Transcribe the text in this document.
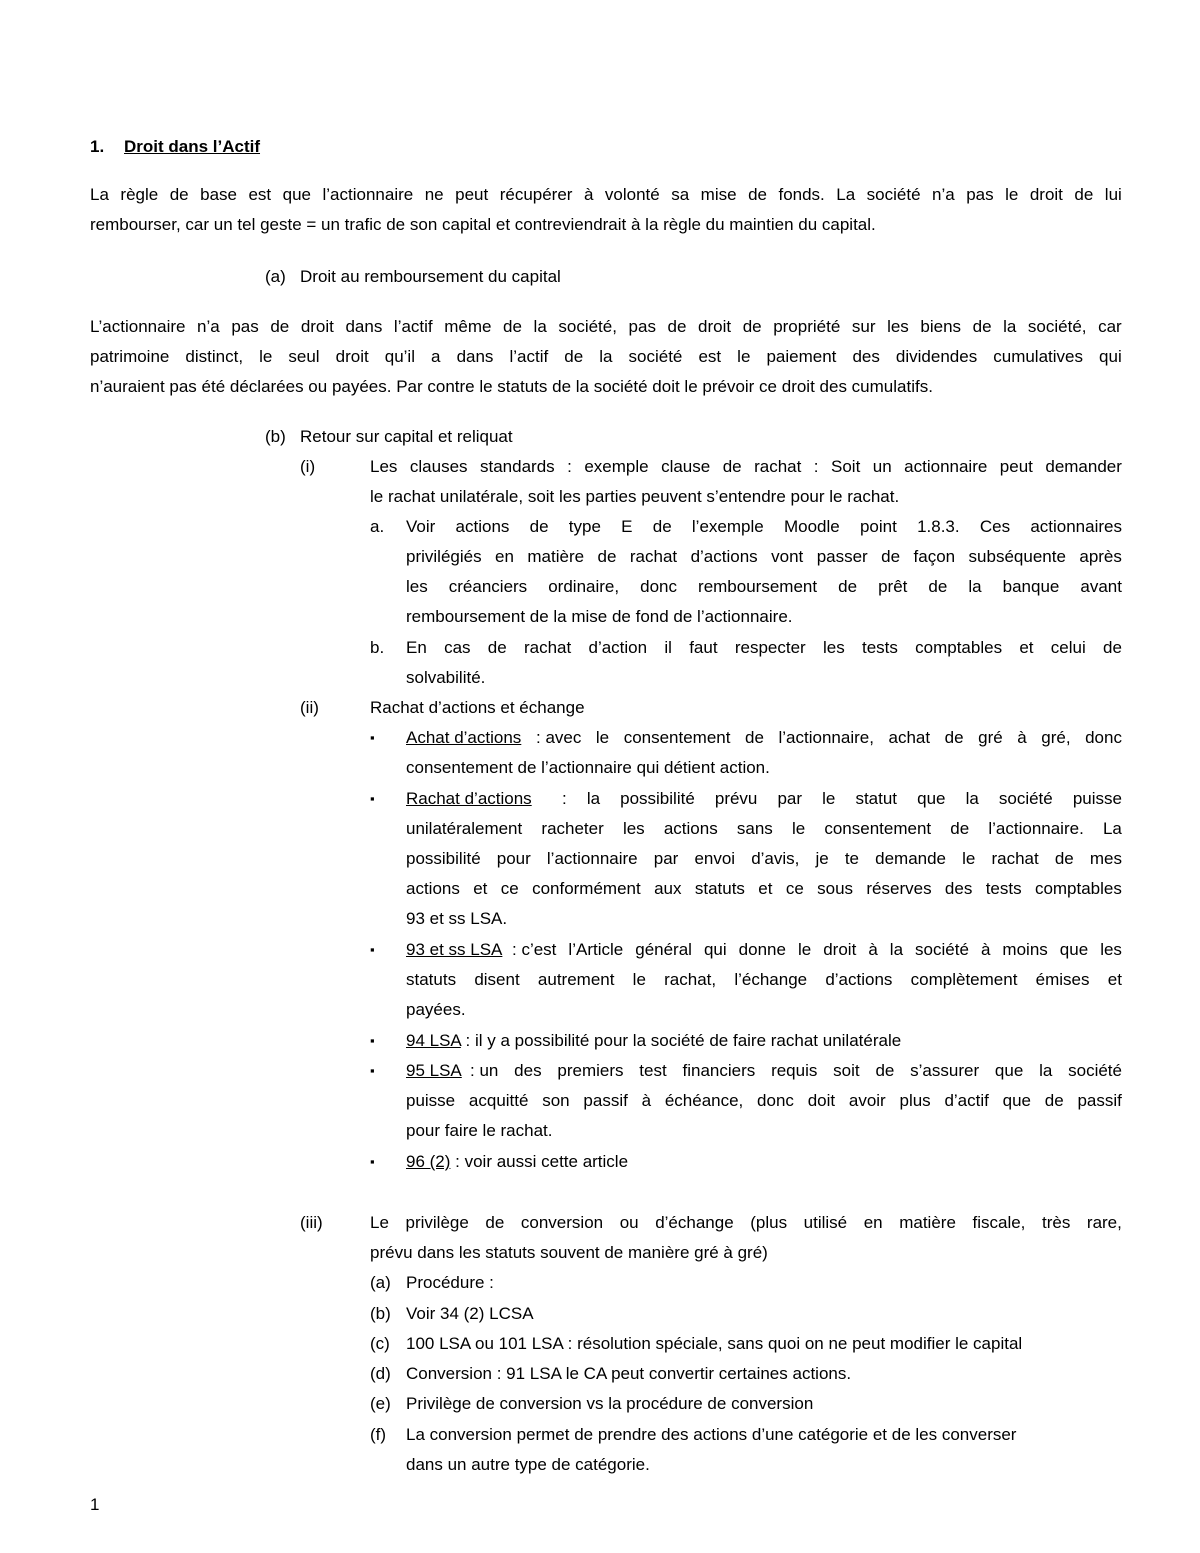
1. Droit dans l’Actif
La règle de base est que l’actionnaire ne peut récupérer à volonté sa mise de fonds. La société n’a pas le droit de lui
rembourser, car un tel geste = un trafic de son capital et contreviendrait à la règle du maintien du capital.
(a) Droit au remboursement du capital
L’actionnaire n’a pas de droit dans l’actif même de la société, pas de droit de propriété sur les biens de la société, car
patrimoine distinct, le seul droit qu’il a dans l’actif de la société est le paiement des dividendes cumulatives qui
n’auraient pas été déclarées ou payées. Par contre le statuts de la société doit le prévoir ce droit des cumulatifs.
(b) Retour sur capital et reliquat
(i)	Les clauses standards : exemple clause de rachat : Soit un actionnaire peut demander
le rachat unilatérale, soit les parties peuvent s’entendre pour le rachat.
a. Voir actions de type E de l’exemple Moodle point 1.8.3. Ces actionnaires
privilégiés en matière de rachat d’actions vont passer de façon subséquente après
les créanciers ordinaire, donc remboursement de prêt de la banque avant
remboursement de la mise de fond de l’actionnaire.
b. En cas de rachat d’action il faut respecter les tests comptables et celui de
solvabilité.
(ii)	Rachat d’actions et échange
▪ Achat d’actions : avec le consentement de l’actionnaire, achat de gré à gré, donc
consentement de l’actionnaire qui détient action.
▪ Rachat d’actions : la possibilité prévu par le statut que la société puisse
unilatéralement racheter les actions sans le consentement de l’actionnaire. La
possibilité pour l’actionnaire par envoi d’avis, je te demande le rachat de mes
actions et ce conformément aux statuts et ce sous réserves des tests comptables
93 et ss LSA.
▪ 93 et ss LSA : c’est l’Article général qui donne le droit à la société à moins que les
statuts disent autrement le rachat, l’échange d’actions complètement émises et
payées.
▪ 94 LSA : il y a possibilité pour la société de faire rachat unilatérale
▪ 95 LSA : un des premiers test financiers requis soit de s’assurer que la société
puisse acquitté son passif à échéance, donc doit avoir plus d’actif que de passif
pour faire le rachat.
▪ 96 (2) : voir aussi cette article
(iii)	Le privilège de conversion ou d’échange (plus utilisé en matière fiscale, très rare,
prévu dans les statuts souvent de manière gré à gré)
(a) Procédure :
(b) Voir 34 (2) LCSA
(c) 100 LSA ou 101 LSA : résolution spéciale, sans quoi on ne peut modifier le capital
(d) Conversion : 91 LSA le CA peut convertir certaines actions.
(e) Privilège de conversion vs la procédure de conversion
(f) La conversion permet de prendre des actions d’une catégorie et de les converser
dans un autre type de catégorie.
1
